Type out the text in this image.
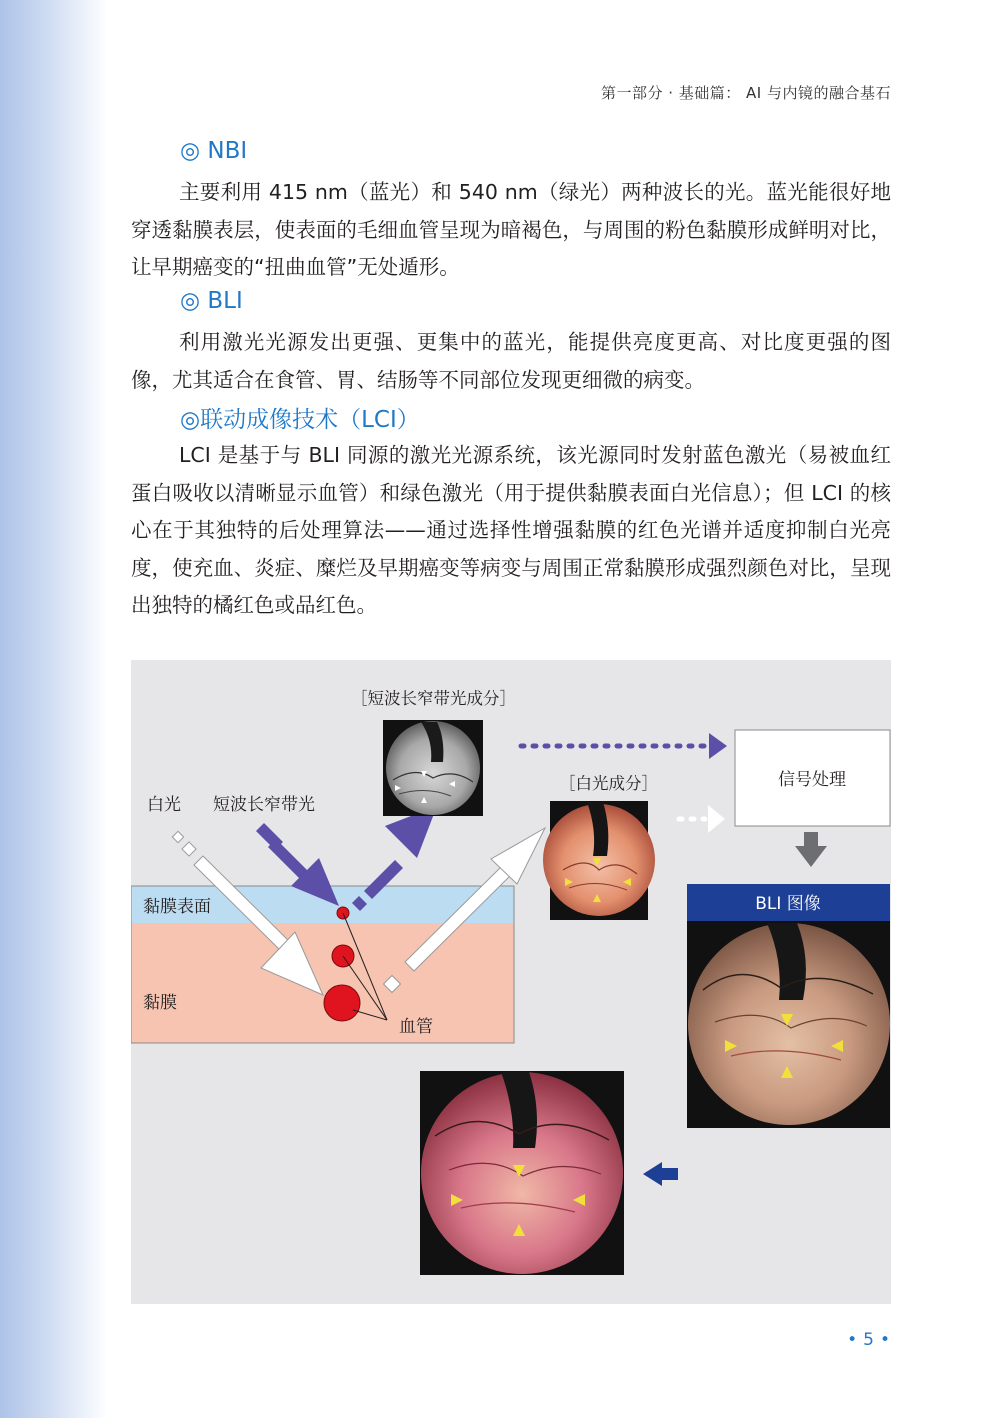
第一部分 · 基础篇： AI 与内镜的融合基石
◎ NBI
主要利用 415 nm（蓝光）和 540 nm（绿光）两种波长的光。蓝光能很好地穿透黏膜表层，使表面的毛细血管呈现为暗褐色，与周围的粉色黏膜形成鲜明对比，让早期癌变的“扭曲血管”无处遁形。
◎ BLI
利用激光光源发出更强、更集中的蓝光，能提供亮度更高、对比度更强的图像，尤其适合在食管、胃、结肠等不同部位发现更细微的病变。
◎联动成像技术（LCI）
LCI 是基于与 BLI 同源的激光光源系统，该光源同时发射蓝色激光（易被血红蛋白吸收以清晰显示血管）和绿色激光（用于提供黏膜表面白光信息）；但 LCI 的核心在于其独特的后处理算法——通过选择性增强黏膜的红色光谱并适度抑制白光亮度，使充血、炎症、糜烂及早期癌变等病变与周围正常黏膜形成强烈颜色对比，呈现出独特的橘红色或品红色。
白光 短波长窄带光
黏膜表面
黏膜
血管
［短波长窄带光成分］
［白光成分］	信号处理
BLI 图像
•5•
